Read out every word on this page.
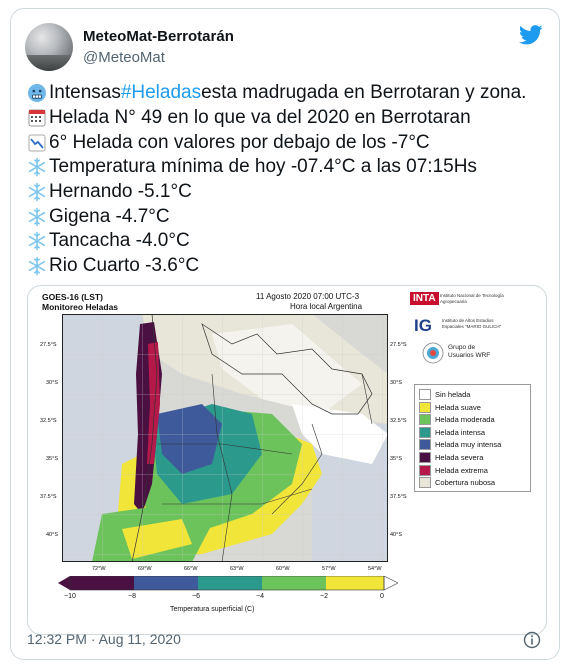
MeteoMat-Berrotarán
@MeteoMat
Intensas #Heladas esta madrugada en Berrotaran y zona.
Helada N° 49 en lo que va del 2020 en Berrotaran
6° Helada con valores por debajo de los -7°C
Temperatura mínima de hoy -07.4°C a las 07:15Hs
Hernando -5.1°C
Gigena -4.7°C
Tancacha -4.0°C
Rio Cuarto -3.6°C
GOES-16 (LST)
Monitoreo Heladas
11 Agosto 2020 07:00 UTC-3
Hora local Argentina
27.5°S
30°S
32.5°S
35°S
37.5°S
40°S
27.5°S
30°S
32.5°S
35°S
37.5°S
40°S
72°W	69°W	66°W	63°W	60°W	57°W	54°W
INTA Instituto Nacional de Tecnología Agropecuaria
IG Instituto de Altos Estudios Espaciales "MARIO GULICH"
Grupo de Usuarios WRF
Sin helada
Helada suave
Helada moderada
Helada intensa
Helada muy intensa
Helada severa
Helada extrema
Cobertura nubosa
−10	−8	−6	−4	−2	0
Temperatura superficial (C)
12:32 PM · Aug 11, 2020
